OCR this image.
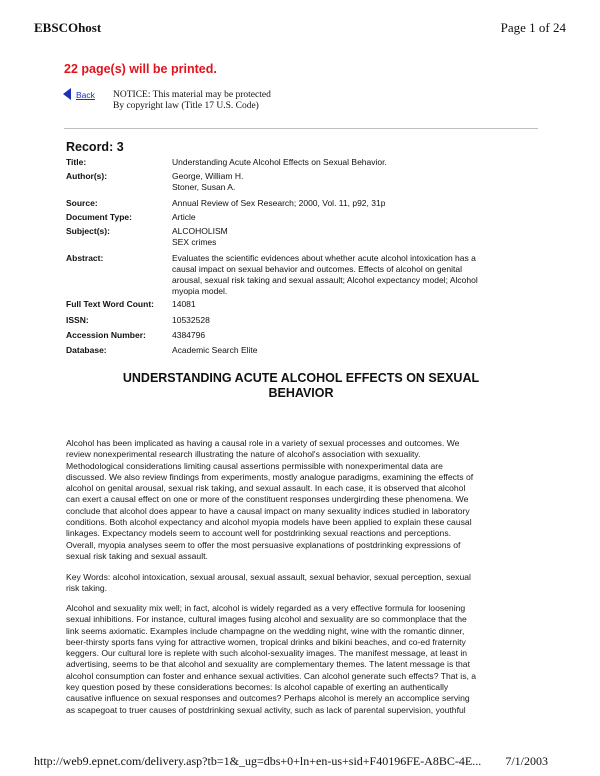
EBSCOhost	Page 1 of 24
22 page(s) will be printed.
Back NOTICE: This material may be protected
By copyright law (Title 17 U.S. Code)
Record: 3
Title:	Understanding Acute Alcohol Effects on Sexual Behavior.
Author(s):	George, William H.
Stoner, Susan A.
Source:	Annual Review of Sex Research; 2000, Vol. 11, p92, 31p
Document Type:	Article
Subject(s):	ALCOHOLISM
SEX crimes
Abstract:	Evaluates the scientific evidences about whether acute alcohol intoxication has a
causal impact on sexual behavior and outcomes. Effects of alcohol on genital
arousal, sexual risk taking and sexual assault; Alcohol expectancy model; Alcohol
myopia model.
Full Text Word Count: 14081
ISSN:	10532528
Accession Number:	4384796
Database:	Academic Search Elite
UNDERSTANDING ACUTE ALCOHOL EFFECTS ON SEXUAL
BEHAVIOR
Alcohol has been implicated as having a causal role in a variety of sexual processes and outcomes. We
review nonexperimental research illustrating the nature of alcohol's association with sexuality.
Methodological considerations limiting causal assertions permissible with nonexperimental data are
discussed. We also review findings from experiments, mostly analogue paradigms, examining the effects of
alcohol on genital arousal, sexual risk taking, and sexual assault. In each case, it is observed that alcohol
can exert a causal effect on one or more of the constituent responses undergirding these phenomena. We
conclude that alcohol does appear to have a causal impact on many sexuality indices studied in laboratory
conditions. Both alcohol expectancy and alcohol myopia models have been applied to explain these causal
linkages. Expectancy models seem to account well for postdrinking sexual reactions and perceptions.
Overall, myopia analyses seem to offer the most persuasive explanations of postdrinking expressions of
sexual risk taking and sexual assault.
Key Words: alcohol intoxication, sexual arousal, sexual assault, sexual behavior, sexual perception, sexual
risk taking.
Alcohol and sexuality mix well; in fact, alcohol is widely regarded as a very effective formula for loosening
sexual inhibitions. For instance, cultural images fusing alcohol and sexuality are so commonplace that the
link seems axiomatic. Examples include champagne on the wedding night, wine with the romantic dinner,
beer-thirsty sports fans vying for attractive women, tropical drinks and bikini beaches, and co-ed fraternity
keggers. Our cultural lore is replete with such alcohol-sexuality images. The manifest message, at least in
advertising, seems to be that alcohol and sexuality are complementary themes. The latent message is that
alcohol consumption can foster and enhance sexual activities. Can alcohol generate such effects? That is, a
key question posed by these considerations becomes: Is alcohol capable of exerting an authentically
causative influence on sexual responses and outcomes? Perhaps alcohol is merely an accomplice serving
as scapegoat to truer causes of postdrinking sexual activity, such as lack of parental supervision, youthful
http://web9.epnet.com/delivery.asp?tb=1&_ug=dbs+0+ln+en-us+sid+F40196FE-A8BC-4E... 7/1/2003
